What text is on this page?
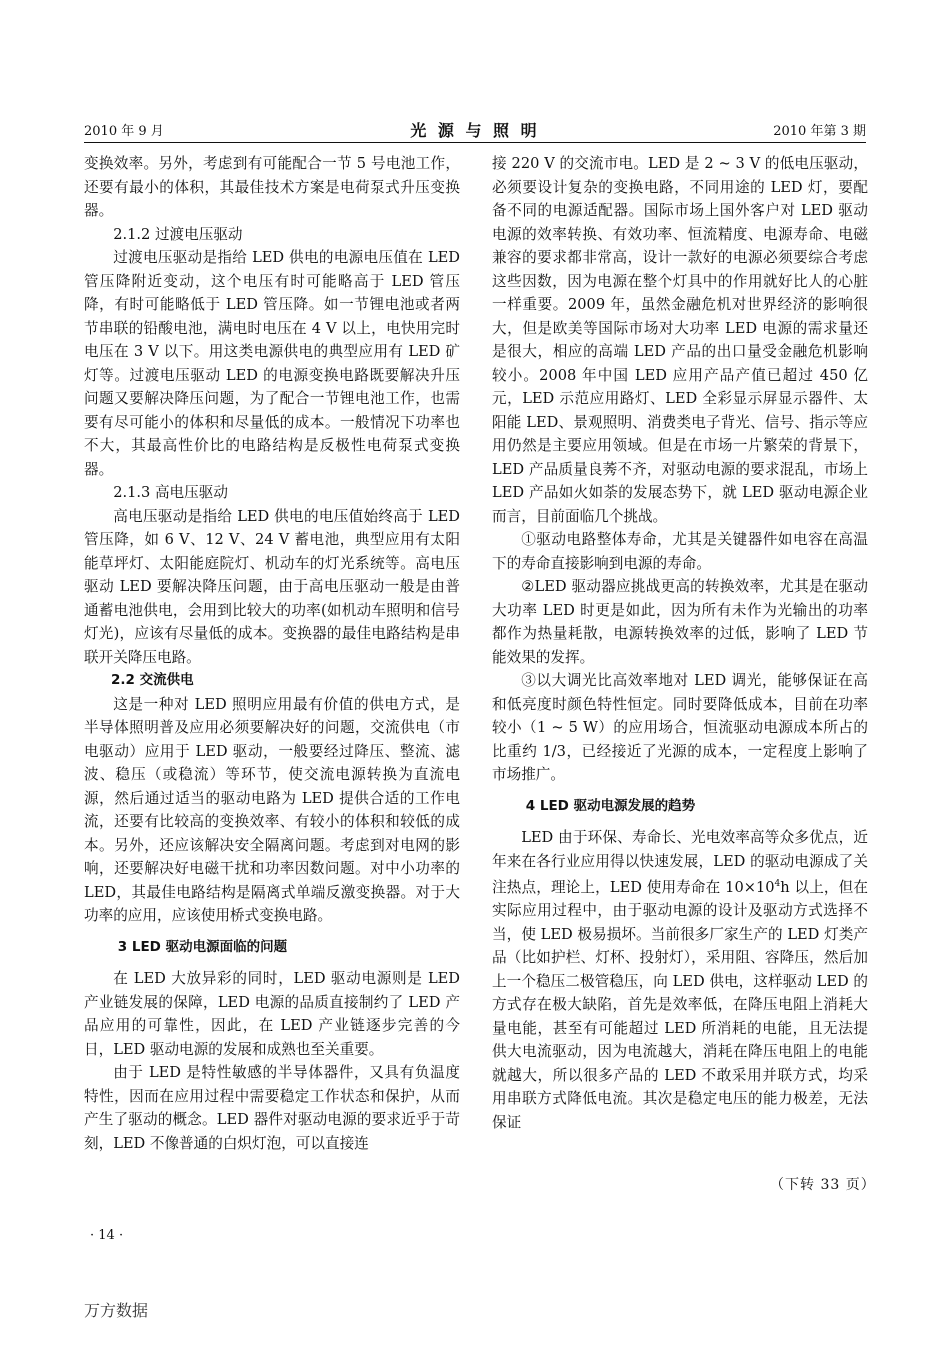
2010 年 9 月	光 源 与 照 明	2010 年第 3 期

变换效率。另外，考虑到有可能配合一节 5 号电池工作，还要有最小的体积，其最佳技术方案是电荷泵式升压变换器。

2.1.2 过渡电压驱动

过渡电压驱动是指给 LED 供电的电源电压值在 LED 管压降附近变动，这个电压有时可能略高于 LED 管压降，有时可能略低于 LED 管压降。如一节锂电池或者两节串联的铅酸电池，满电时电压在 4 V 以上，电快用完时电压在 3 V 以下。用这类电源供电的典型应用有 LED 矿灯等。过渡电压驱动 LED 的电源变换电路既要解决升压问题又要解决降压问题，为了配合一节锂电池工作，也需要有尽可能小的体积和尽量低的成本。一般情况下功率也不大，其最高性价比的电路结构是反极性电荷泵式变换器。

2.1.3 高电压驱动

高电压驱动是指给 LED 供电的电压值始终高于 LED 管压降，如 6 V、12 V、24 V 蓄电池，典型应用有太阳能草坪灯、太阳能庭院灯、机动车的灯光系统等。高电压驱动 LED 要解决降压问题，由于高电压驱动一般是由普通蓄电池供电，会用到比较大的功率(如机动车照明和信号灯光)，应该有尽量低的成本。变换器的最佳电路结构是串联开关降压电路。

2.2 交流供电

这是一种对 LED 照明应用最有价值的供电方式，是半导体照明普及应用必须要解决好的问题，交流供电（市电驱动）应用于 LED 驱动，一般要经过降压、整流、滤波、稳压（或稳流）等环节，使交流电源转换为直流电源，然后通过适当的驱动电路为 LED 提供合适的工作电流，还要有比较高的变换效率、有较小的体积和较低的成本。另外，还应该解决安全隔离问题。考虑到对电网的影响，还要解决好电磁干扰和功率因数问题。对中小功率的 LED，其最佳电路结构是隔离式单端反激变换器。对于大功率的应用，应该使用桥式变换电路。

3 LED 驱动电源面临的问题

在 LED 大放异彩的同时，LED 驱动电源则是 LED 产业链发展的保障，LED 电源的品质直接制约了 LED 产品应用的可靠性，因此，在 LED 产业链逐步完善的今日，LED 驱动电源的发展和成熟也至关重要。

由于 LED 是特性敏感的半导体器件，又具有负温度特性，因而在应用过程中需要稳定工作状态和保护，从而产生了驱动的概念。LED 器件对驱动电源的要求近乎于苛刻，LED 不像普通的白炽灯泡，可以直接连

接 220 V 的交流市电。LED 是 2 ~ 3 V 的低电压驱动，必须要设计复杂的变换电路，不同用途的 LED 灯，要配备不同的电源适配器。国际市场上国外客户对 LED 驱动电源的效率转换、有效功率、恒流精度、电源寿命、电磁兼容的要求都非常高，设计一款好的电源必须要综合考虑这些因数，因为电源在整个灯具中的作用就好比人的心脏一样重要。2009 年，虽然金融危机对世界经济的影响很大，但是欧美等国际市场对大功率 LED 电源的需求量还是很大，相应的高端 LED 产品的出口量受金融危机影响较小。2008 年中国 LED 应用产品产值已超过 450 亿元，LED 示范应用路灯、LED 全彩显示屏显示器件、太阳能 LED、景观照明、消费类电子背光、信号、指示等应用仍然是主要应用领域。但是在市场一片繁荣的背景下，LED 产品质量良莠不齐，对驱动电源的要求混乱，市场上 LED 产品如火如荼的发展态势下，就 LED 驱动电源企业而言，目前面临几个挑战。

①驱动电路整体寿命，尤其是关键器件如电容在高温下的寿命直接影响到电源的寿命。

②LED 驱动器应挑战更高的转换效率，尤其是在驱动大功率 LED 时更是如此，因为所有未作为光输出的功率都作为热量耗散，电源转换效率的过低，影响了 LED 节能效果的发挥。

③以大调光比高效率地对 LED 调光，能够保证在高和低亮度时颜色特性恒定。同时要降低成本，目前在功率较小（1 ~ 5 W）的应用场合，恒流驱动电源成本所占的比重约 1/3，已经接近了光源的成本，一定程度上影响了市场推广。

4 LED 驱动电源发展的趋势

LED 由于环保、寿命长、光电效率高等众多优点，近年来在各行业应用得以快速发展，LED 的驱动电源成了关注热点，理论上，LED 使用寿命在 $10\times 10^4h$ 以上，但在实际应用过程中，由于驱动电源的设计及驱动方式选择不当，使 LED 极易损坏。当前很多厂家生产的 LED 灯类产品（比如护栏、灯杯、投射灯），采用阻、容降压，然后加上一个稳压二极管稳压，向 LED 供电，这样驱动 LED 的方式存在极大缺陷，首先是效率低，在降压电阻上消耗大量电能，甚至有可能超过 LED 所消耗的电能，且无法提供大电流驱动，因为电流越大，消耗在降压电阻上的电能就越大，所以很多产品的 LED 不敢采用并联方式，均采用串联方式降低电流。其次是稳定电压的能力极差，无法保证

（下转 33 页）
· 14 ·
万方数据
